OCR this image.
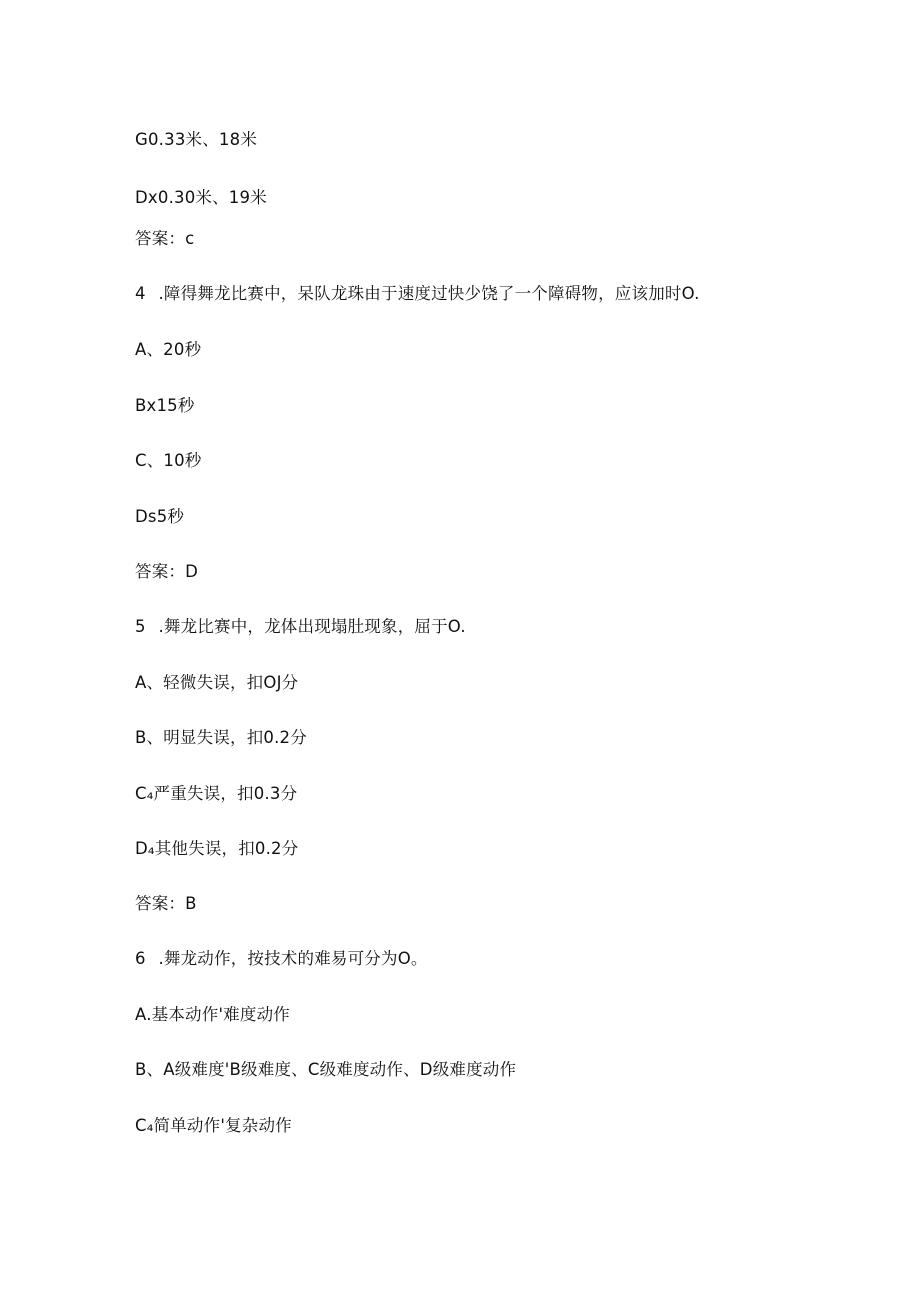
G0.33米、18米
Dx0.30米、19米
答案：c
4 .障得舞龙比赛中，呆队龙珠由于速度过快少饶了一个障碍物，应该加时O.
A、20秒
Bx15秒
C、10秒
Ds5秒
答案：D
5 .舞龙比赛中，龙体出现塌肚现象，屈于O.
A、轻微失误，扣OJ分
B、明显失误，扣0.2分
C₄严重失误，扣0.3分
D₄其他失误，扣0.2分
答案：B
6 .舞龙动作，按技术的难易可分为O。
A.基本动作'难度动作
B、A级难度'B级难度、C级难度动作、D级难度动作
C₄简单动作'复杂动作
